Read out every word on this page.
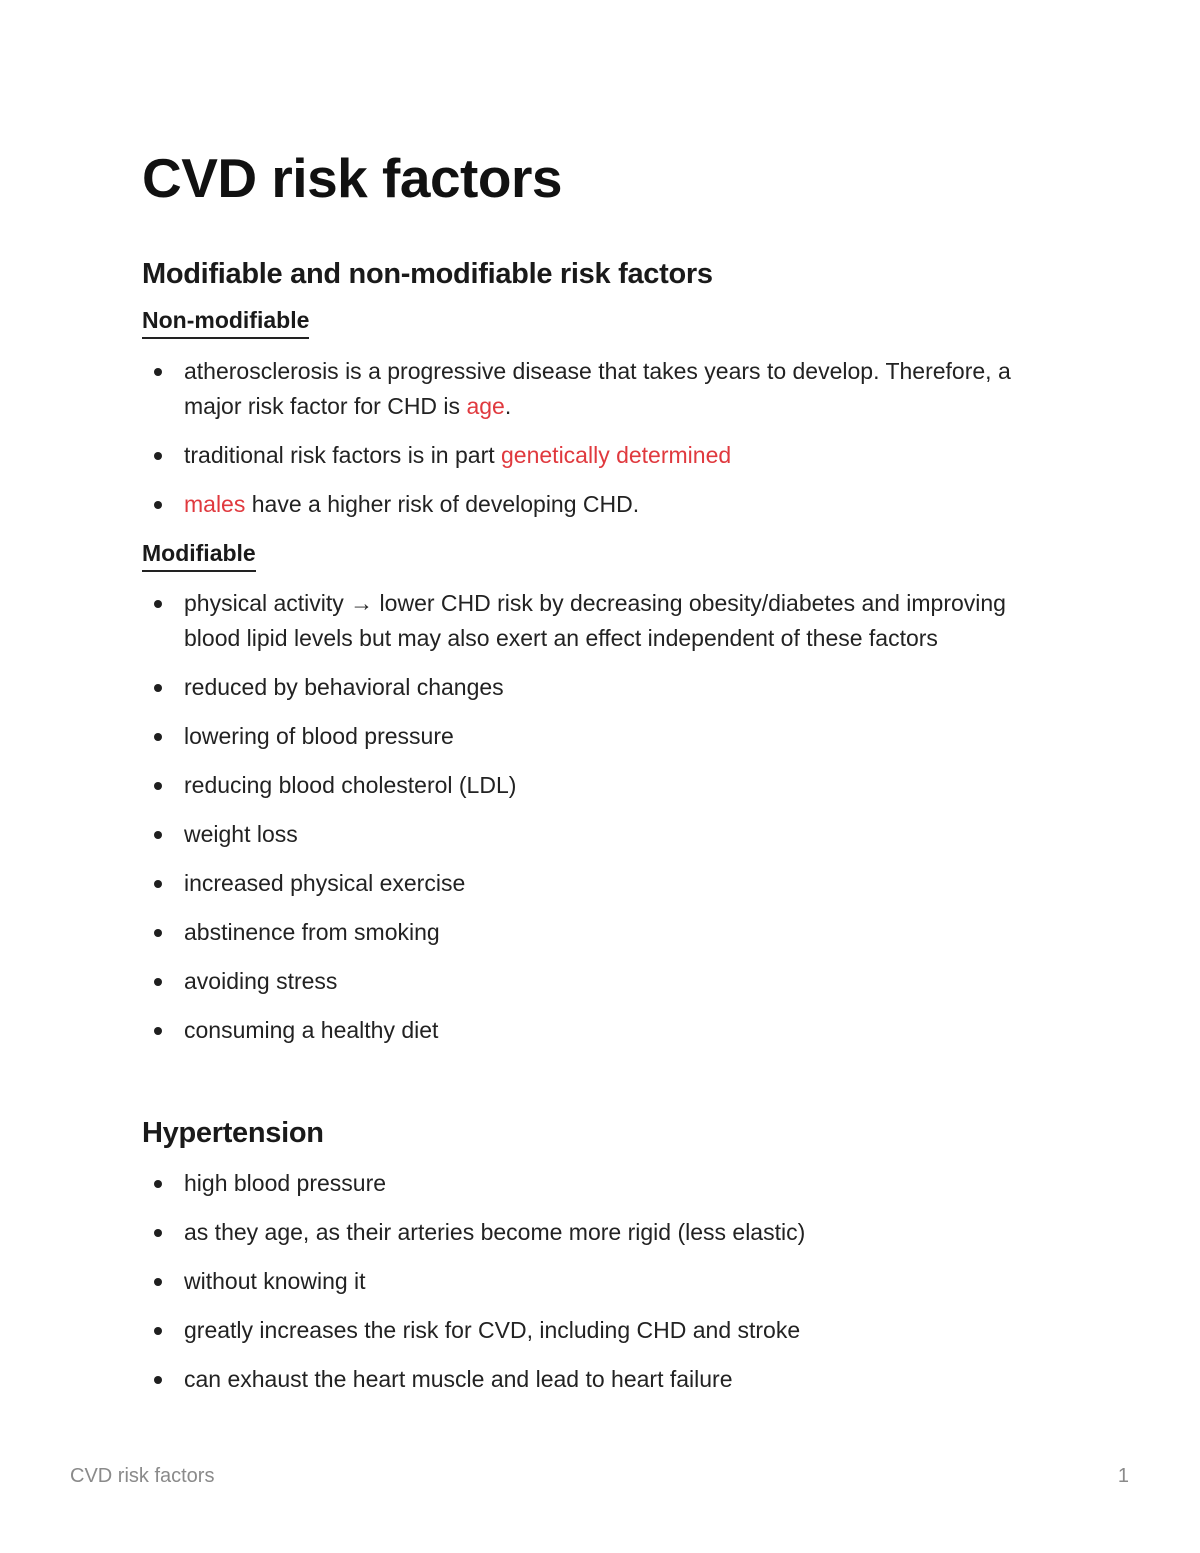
CVD risk factors
Modifiable and non-modifiable risk factors
Non-modifiable
atherosclerosis is a progressive disease that takes years to develop. Therefore, a major risk factor for CHD is age.
traditional risk factors is in part genetically determined
males have a higher risk of developing CHD.
Modifiable
physical activity → lower CHD risk by decreasing obesity/diabetes and improving blood lipid levels but may also exert an effect independent of these factors
reduced by behavioral changes
lowering of blood pressure
reducing blood cholesterol (LDL)
weight loss
increased physical exercise
abstinence from smoking
avoiding stress
consuming a healthy diet
Hypertension
high blood pressure
as they age, as their arteries become more rigid (less elastic)
without knowing it
greatly increases the risk for CVD, including CHD and stroke
can exhaust the heart muscle and lead to heart failure
CVD risk factors	1
